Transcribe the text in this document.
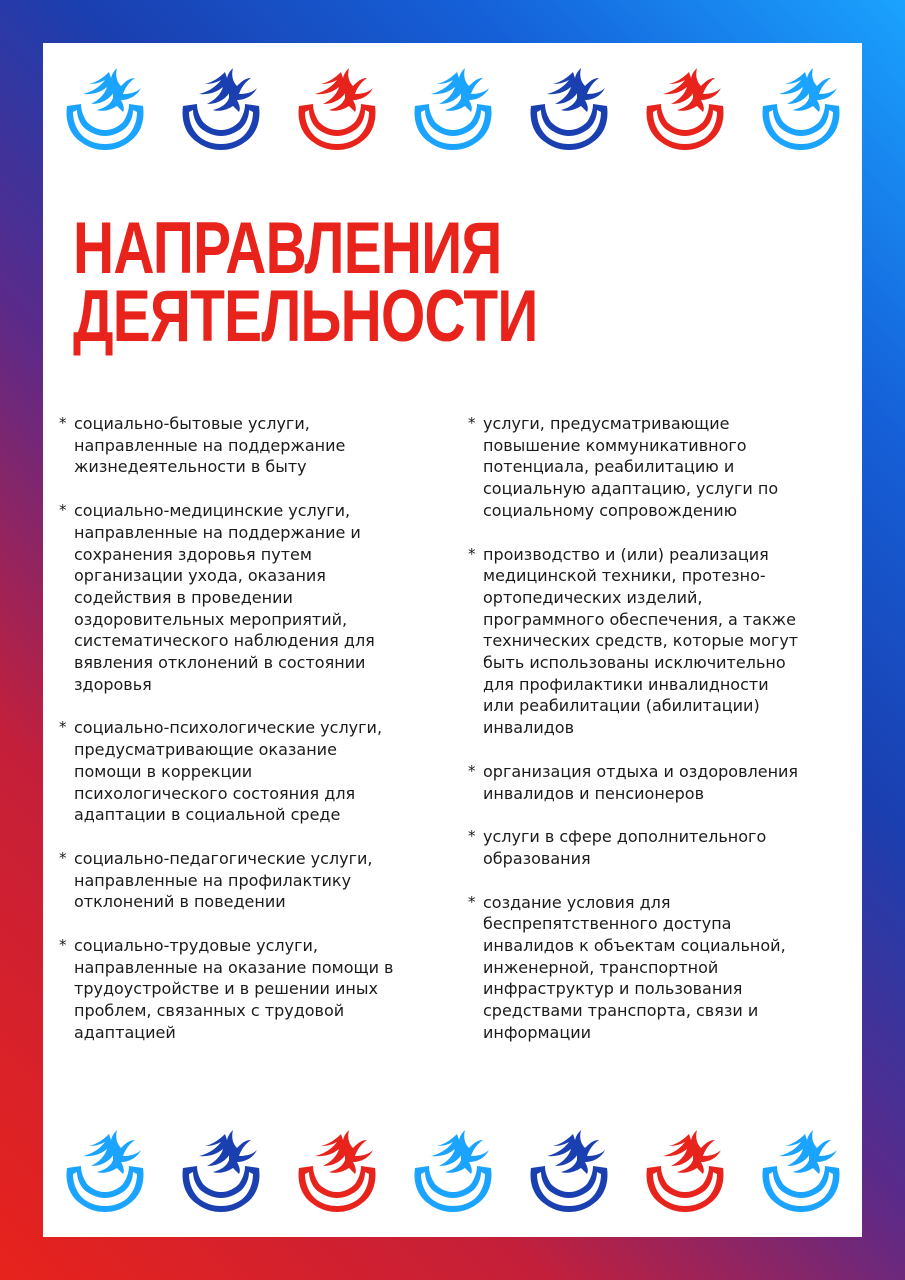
НАПРАВЛЕНИЯ
ДЕЯТЕЛЬНОСТИ
* социально-бытовые услуги,
направленные на поддержание
жизнедеятельности в быту
* социально-медицинские услуги,
направленные на поддержание и
сохранения здоровья путем
организации ухода, оказания
содействия в проведении
оздоровительных мероприятий,
систематического наблюдения для
вявления отклонений в состоянии
здоровья
* социально-психологические услуги,
предусматривающие оказание
помощи в коррекции
психологического состояния для
адаптации в социальной среде
* социально-педагогические услуги,
направленные на профилактику
отклонений в поведении
* социально-трудовые услуги,
направленные на оказание помощи в
трудоустройстве и в решении иных
проблем, связанных с трудовой
адаптацией
* услуги, предусматривающие
повышение коммуникативного
потенциала, реабилитацию и
социальную адаптацию, услуги по
социальному сопровождению
* производство и (или) реализация
медицинской техники, протезно-
ортопедических изделий,
программного обеспечения, а также
технических средств, которые могут
быть использованы исключительно
для профилактики инвалидности
или реабилитации (абилитации)
инвалидов
* организация отдыха и оздоровления
инвалидов и пенсионеров
* услуги в сфере дополнительного
образования
* создание условия для
беспрепятственного доступа
инвалидов к объектам социальной,
инженерной, транспортной
инфраструктур и пользования
средствами транспорта, связи и
информации
